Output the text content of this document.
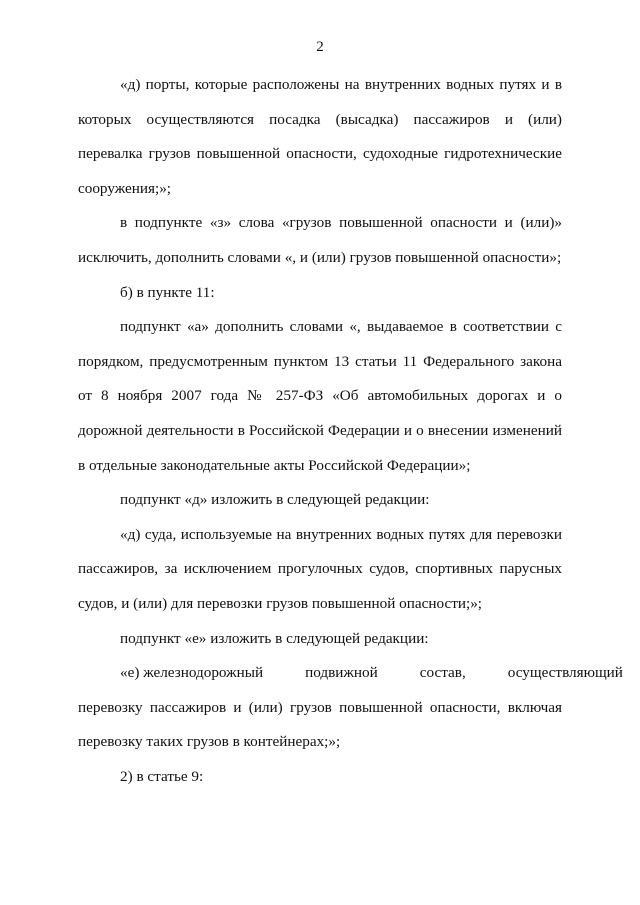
2

«д) порты, которые расположены на внутренних водных путях и в которых осуществляются посадка (высадка) пассажиров и (или) перевалка грузов повышенной опасности, судоходные гидротехнические сооружения;»;

в подпункте «з» слова «грузов повышенной опасности и (или)» исключить, дополнить словами «, и (или) грузов повышенной опасности»;

б) в пункте 11:

подпункт «а» дополнить словами «, выдаваемое в соответствии с порядком, предусмотренным пунктом 13 статьи 11 Федерального закона от 8 ноября 2007 года № 257-ФЗ «Об автомобильных дорогах и о дорожной деятельности в Российской Федерации и о внесении изменений в отдельные законодательные акты Российской Федерации»;

подпункт «д» изложить в следующей редакции:

«д) суда, используемые на внутренних водных путях для перевозки пассажиров, за исключением прогулочных судов, спортивных парусных судов, и (или) для перевозки грузов повышенной опасности;»;

подпункт «е» изложить в следующей редакции:

«е) железнодорожный	подвижной	состав,	осуществляющий

перевозку пассажиров и (или) грузов повышенной опасности, включая перевозку таких грузов в контейнерах;»;

2) в статье 9:
